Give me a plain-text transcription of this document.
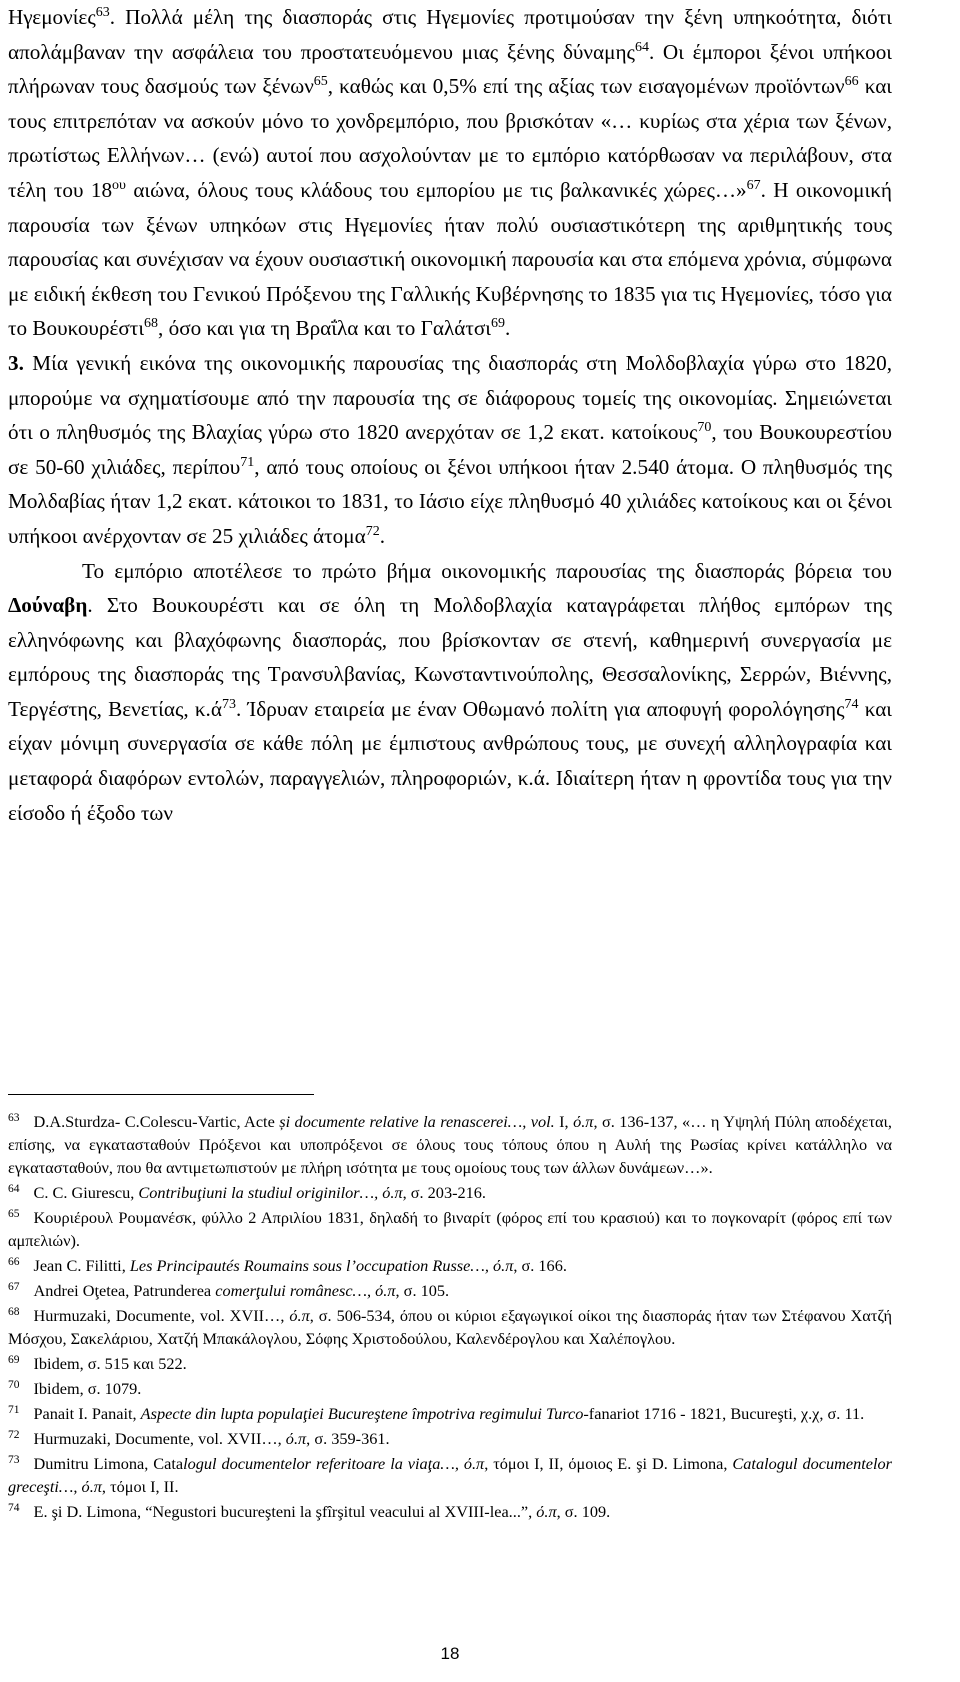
Ηγεμονίες$^{63}$. Πολλά μέλη της διασποράς στις Ηγεμονίες προτιμούσαν την ξένη υπηκοότητα, διότι απολάμβαναν την ασφάλεια του προστατευόμενου μιας ξένης δύναμης$^{64}$. Οι έμποροι ξένοι υπήκοοι πλήρωναν τους δασμούς των ξένων$^{65}$, καθώς και 0,5% επί της αξίας των εισαγομένων προϊόντων$^{66}$ και τους επιτρεπόταν να ασκούν μόνο το χονδρεμπόριο, που βρισκόταν «… κυρίως στα χέρια των ξένων, πρωτίστως Ελλήνων… (ενώ) αυτοί που ασχολούνταν με το εμπόριο κατόρθωσαν να περιλάβουν, στα τέλη του $18^{o\upsilon}$ αιώνα, όλους τους κλάδους του εμπορίου με τις βαλκανικές χώρες…»$^{67}$. Η οικονομική παρουσία των ξένων υπηκόων στις Ηγεμονίες ήταν πολύ ουσιαστικότερη της αριθμητικής τους παρουσίας και συνέχισαν να έχουν ουσιαστική οικονομική παρουσία και στα επόμενα χρόνια, σύμφωνα με ειδική έκθεση του Γενικού Πρόξενου της Γαλλικής Κυβέρνησης το 1835 για τις Ηγεμονίες, τόσο για το Βουκουρέστι$^{68}$, όσο και για τη Βραΐλα και το Γαλάτσι$^{69}$.

3. Μία γενική εικόνα της οικονομικής παρουσίας της διασποράς στη Μολδοβλαχία γύρω στο 1820, μπορούμε να σχηματίσουμε από την παρουσία της σε διάφορους τομείς της οικονομίας. Σημειώνεται ότι ο πληθυσμός της Βλαχίας γύρω στο 1820 ανερχόταν σε 1,2 εκατ. κατοίκους$^{70}$, του Βουκουρεστίου σε 50-60 χιλιάδες, περίπου$^{71}$, από τους οποίους οι ξένοι υπήκοοι ήταν 2.540 άτομα. Ο πληθυσμός της Μολδαβίας ήταν 1,2 εκατ. κάτοικοι το 1831, το Ιάσιο είχε πληθυσμό 40 χιλιάδες κατοίκους και οι ξένοι υπήκοοι ανέρχονταν σε 25 χιλιάδες άτομα$^{72}$.

Το εμπόριο αποτέλεσε το πρώτο βήμα οικονομικής παρουσίας της διασποράς βόρεια του Δούναβη. Στο Βουκουρέστι και σε όλη τη Μολδοβλαχία καταγράφεται πλήθος εμπόρων της ελληνόφωνης και βλαχόφωνης διασποράς, που βρίσκονταν σε στενή, καθημερινή συνεργασία με εμπόρους της διασποράς της Τρανσυλβανίας, Κωνσταντινούπολης, Θεσσαλονίκης, Σερρών, Βιέννης, Τεργέστης, Βενετίας, $\kappa.ά^{73}$. Ίδρυαν εταιρεία με έναν Οθωμανό πολίτη για αποφυγή φορολόγησης$^{74}$ και είχαν μόνιμη συνεργασία σε κάθε πόλη με έμπιστους ανθρώπους τους, με συνεχή αλληλογραφία και μεταφορά διαφόρων εντολών, παραγγελιών, πληροφοριών, κ.ά. Ιδιαίτερη ήταν η φροντίδα τους για την είσοδο ή έξοδο των

$^{63}$ D.A.Sturdza- C.Colescu-Vartic, Acte și documente relative la renascerei…, vol. I, ό.π, σ. 136-137, «… η Υψηλή Πύλη αποδέχεται, επίσης, να εγκατασταθούν Πρόξενοι και υποπρόξενοι σε όλους τους τόπους όπου η Αυλή της Ρωσίας κρίνει κατάλληλο να εγκατασταθούν, που θα αντιμετωπιστούν με πλήρη ισότητα με τους ομοίους τους των άλλων δυνάμεων…».

$^{64}$ C. C. Giurescu, Contribuţiuni la studiul originilor…, ό.π, σ. 203-216.

$^{65}$ Κουριέρουλ Ρουμανέσκ, φύλλο 2 Απριλίου 1831, δηλαδή το βιναρίτ (φόρος επί του κρασιού) και το πογκοναρίτ (φόρος επί των αμπελιών).

$^{66}$ Jean C. Filitti, Les Principautés Roumains sous l’occupation Russe…, ό.π, σ. 166.

$^{67}$ Andrei Oţetea, Patrunderea comerţului românesc…, ό.π, σ. 105.

$^{68}$ Hurmuzaki, Documente, vol. XVII…, ό.π, σ. 506-534, όπου οι κύριοι εξαγωγικοί οίκοι της διασποράς ήταν των Στέφανου Χατζή Μόσχου, Σακελάριου, Χατζή Μπακάλογλου, Σόφης Χριστοδούλου, Καλενδέρογλου και Χαλέπογλου.

$^{69}$ Ibidem, σ. 515 και 522.

$^{70}$ Ibidem, σ. 1079.

$^{71}$ Panait I. Panait, Aspecte din lupta populaţiei Bucureştene împotriva regimului Turco-fanariot 1716 - 1821, Bucureşti, χ.χ, σ. 11.

$^{72}$ Hurmuzaki, Documente, vol. XVII…, ό.π, σ. 359-361.

$^{73}$ Dumitru Limona, Catalogul documentelor referitoare la viaţa…, ό.π, τόμοι I, II, όμοιος E. şi D. Limona, Catalogul documentelor greceşti…, ό.π, τόμοι I, II.

$^{74}$ E. şi D. Limona, “Negustori bucureşteni la şfîrşitul veacului al XVIII-lea...”, ό.π, σ. 109.

18
